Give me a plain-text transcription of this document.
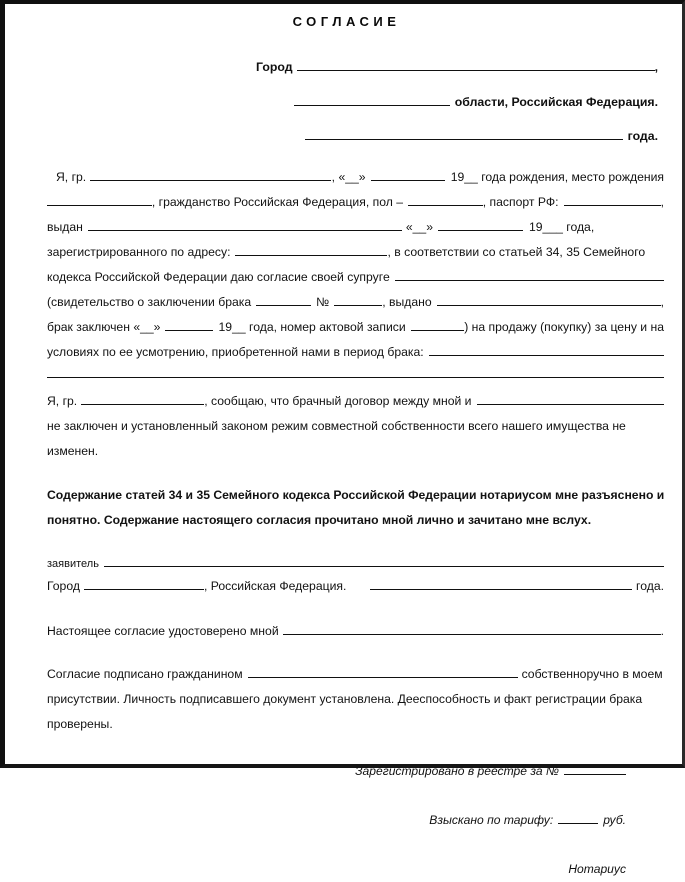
СОГЛАСИЕ
Город	,
области, Российская Федерация.
года.
Я, гр.	, «__»	19__ года рождения, место рождения
, гражданство Российская Федерация, пол –	, паспорт РФ:	,
выдан	«__»	19___ года,
зарегистрированного по адресу:	, в соответствии со статьей 34, 35 Семейного
кодекса Российской Федерации даю согласие своей супруге
(свидетельство о заключении брака	№	, выдано	,
брак заключен «__»	19__ года, номер актовой записи	) на продажу (покупку) за цену и на
условиях по ее усмотрению, приобретенной нами в период брака:
Я, гр.	, сообщаю, что брачный договор между мной и
не заключен и установленный законом режим совместной собственности всего нашего имущества не
изменен.
Содержание статей 34 и 35 Семейного кодекса Российской Федерации нотариусом мне разъяснено и
понятно. Содержание настоящего согласия прочитано мной лично и зачитано мне вслух.
заявитель
Город	, Российская Федерация.	года.
Настоящее согласие удостоверено мной	.
Согласие подписано гражданином	собственноручно в моем
присутствии. Личность подписавшего документ установлена. Дееспособность и факт регистрации брака
проверены.
Зарегистрировано в реестре за №
Взыскано по тарифу:	руб.
Нотариус
